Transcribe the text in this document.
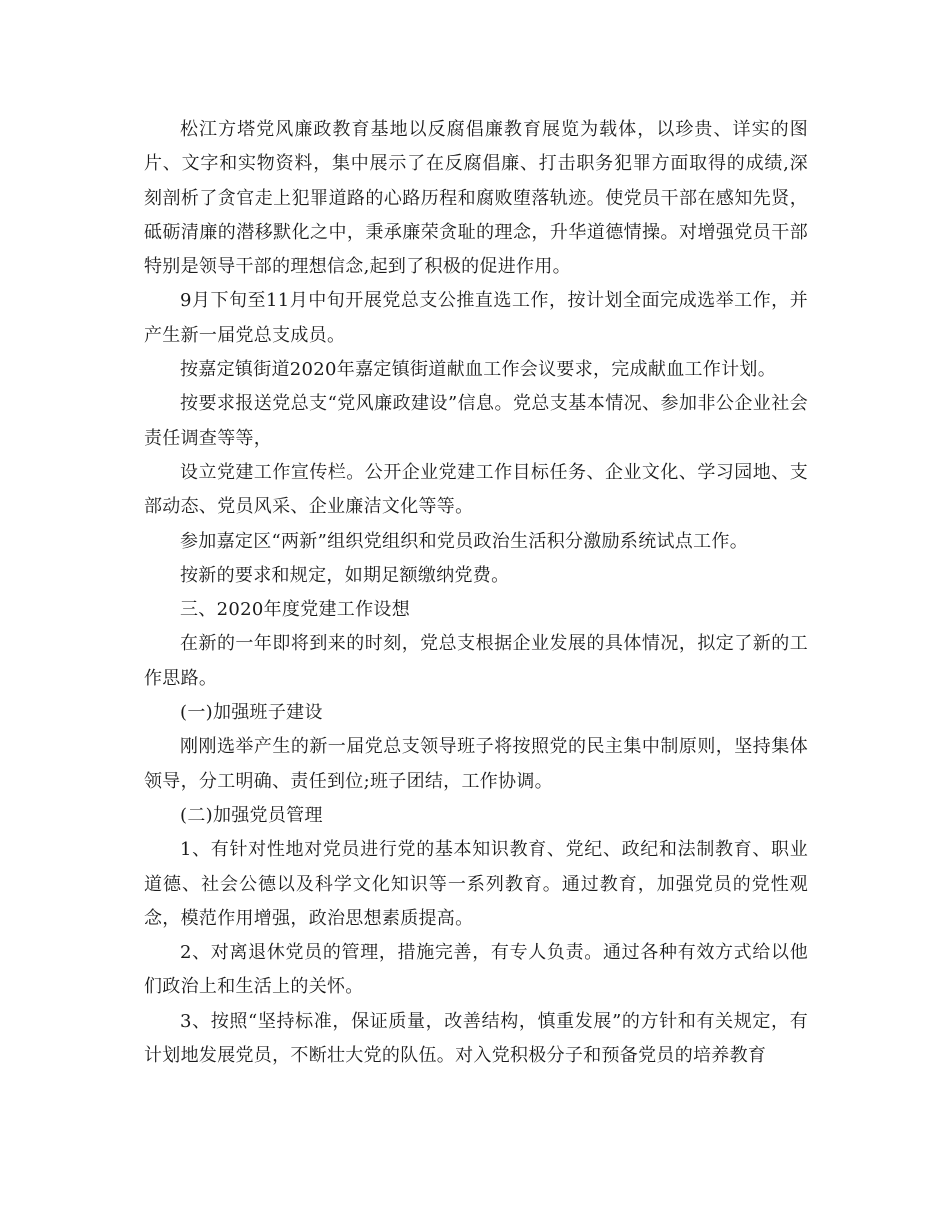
松江方塔党风廉政教育基地以反腐倡廉教育展览为载体，以珍贵、详实的图片、文字和实物资料，集中展示了在反腐倡廉、打击职务犯罪方面取得的成绩,深刻剖析了贪官走上犯罪道路的心路历程和腐败堕落轨迹。使党员干部在感知先贤，砥砺清廉的潜移默化之中，秉承廉荣贪耻的理念，升华道德情操。对增强党员干部特别是领导干部的理想信念,起到了积极的促进作用。

9月下旬至11月中旬开展党总支公推直选工作，按计划全面完成选举工作，并产生新一届党总支成员。

按嘉定镇街道2020年嘉定镇街道献血工作会议要求，完成献血工作计划。

按要求报送党总支“党风廉政建设”信息。党总支基本情况、参加非公企业社会责任调查等等，

设立党建工作宣传栏。公开企业党建工作目标任务、企业文化、学习园地、支部动态、党员风采、企业廉洁文化等等。

参加嘉定区“两新”组织党组织和党员政治生活积分激励系统试点工作。

按新的要求和规定，如期足额缴纳党费。

三、2020年度党建工作设想

在新的一年即将到来的时刻，党总支根据企业发展的具体情况，拟定了新的工作思路。

(一)加强班子建设

刚刚选举产生的新一届党总支领导班子将按照党的民主集中制原则，坚持集体领导，分工明确、责任到位;班子团结，工作协调。

(二)加强党员管理

1、有针对性地对党员进行党的基本知识教育、党纪、政纪和法制教育、职业道德、社会公德以及科学文化知识等一系列教育。通过教育，加强党员的党性观念，模范作用增强，政治思想素质提高。

2、对离退休党员的管理，措施完善，有专人负责。通过各种有效方式给以他们政治上和生活上的关怀。

3、按照“坚持标准，保证质量，改善结构，慎重发展”的方针和有关规定，有计划地发展党员，不断壮大党的队伍。对入党积极分子和预备党员的培养教育
